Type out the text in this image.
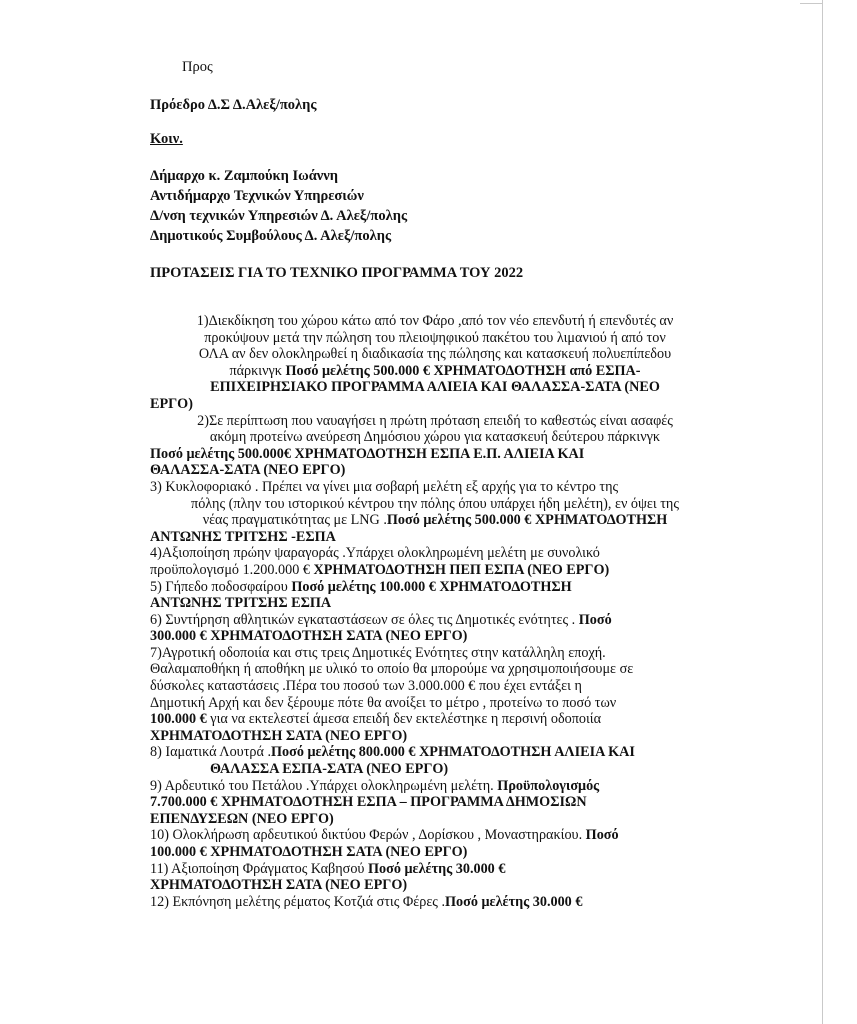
Προς
Πρόεδρο Δ.Σ Δ.Αλεξ/πολης
Κοιν.
Δήμαρχο κ. Ζαμπούκη Ιωάννη
Αντιδήμαρχο Τεχνικών Υπηρεσιών
Δ/νση τεχνικών Υπηρεσιών Δ. Αλεξ/πολης
Δημοτικούς Συμβούλους Δ. Αλεξ/πολης
ΠΡΟΤΑΣΕΙΣ ΓΙΑ ΤΟ ΤΕΧΝΙΚΟ ΠΡΟΓΡΑΜΜΑ ΤΟΥ 2022
1)Διεκδίκηση του χώρου κάτω από τον Φάρο ,από τον νέο επενδυτή ή επενδυτές αν
προκύψουν μετά την πώληση του πλειοψηφικού πακέτου του λιμανιού ή από τον
ΟΛΑ αν δεν ολοκληρωθεί η διαδικασία της πώλησης και κατασκευή πολυεπίπεδου
πάρκινγκ Ποσό μελέτης 500.000 € ΧΡΗΜΑΤΟΔΟΤΗΣΗ από ΕΣΠΑ-
ΕΠΙΧΕΙΡΗΣΙΑΚΟ ΠΡΟΓΡΑΜΜΑ ΑΛΙΕΙΑ ΚΑΙ ΘΑΛΑΣΣΑ-ΣΑΤΑ (ΝΕΟ
ΕΡΓΟ)
2)Σε περίπτωση που ναυαγήσει η πρώτη πρόταση επειδή το καθεστώς είναι ασαφές
ακόμη προτείνω ανεύρεση Δημόσιου χώρου για κατασκευή δεύτερου πάρκινγκ
Ποσό μελέτης 500.000€ ΧΡΗΜΑΤΟΔΟΤΗΣΗ ΕΣΠΑ Ε.Π. ΑΛΙΕΙΑ ΚΑΙ
ΘΑΛΑΣΣΑ-ΣΑΤΑ (ΝΕΟ ΕΡΓΟ)
3) Κυκλοφοριακό . Πρέπει να γίνει μια σοβαρή μελέτη εξ αρχής για το κέντρο της
πόλης (πλην του ιστορικού κέντρου την πόλης όπου υπάρχει ήδη μελέτη), εν όψει της
νέας πραγματικότητας με LNG .Ποσό μελέτης 500.000 € ΧΡΗΜΑΤΟΔΟΤΗΣΗ
ΑΝΤΩΝΗΣ ΤΡΙΤΣΗΣ -ΕΣΠΑ
4)Αξιοποίηση πρώην ψαραγοράς .Υπάρχει ολοκληρωμένη μελέτη με συνολικό
προϋπολογισμό 1.200.000 € ΧΡΗΜΑΤΟΔΟΤΗΣΗ ΠΕΠ ΕΣΠΑ (ΝΕΟ ΕΡΓΟ)
5) Γήπεδο ποδοσφαίρου Ποσό μελέτης 100.000 € ΧΡΗΜΑΤΟΔΟΤΗΣΗ
ΑΝΤΩΝΗΣ ΤΡΙΤΣΗΣ ΕΣΠΑ
6) Συντήρηση αθλητικών εγκαταστάσεων σε όλες τις Δημοτικές ενότητες . Ποσό
300.000 € ΧΡΗΜΑΤΟΔΟΤΗΣΗ ΣΑΤΑ (ΝΕΟ ΕΡΓΟ)
7)Αγροτική οδοποιία και στις τρεις Δημοτικές Ενότητες στην κατάλληλη εποχή.
Θαλαμαποθήκη ή αποθήκη με υλικό το οποίο θα μπορούμε να χρησιμοποιήσουμε σε
δύσκολες καταστάσεις .Πέρα του ποσού των 3.000.000 € που έχει εντάξει η
Δημοτική Αρχή και δεν ξέρουμε πότε θα ανοίξει το μέτρο , προτείνω το ποσό των
100.000 € για να εκτελεστεί άμεσα επειδή δεν εκτελέστηκε η περσινή οδοποιία
ΧΡΗΜΑΤΟΔΟΤΗΣΗ ΣΑΤΑ (ΝΕΟ ΕΡΓΟ)
8) Ιαματικά Λουτρά .Ποσό μελέτης 800.000 € ΧΡΗΜΑΤΟΔΟΤΗΣΗ ΑΛΙΕΙΑ ΚΑΙ
ΘΑΛΑΣΣΑ ΕΣΠΑ-ΣΑΤΑ (ΝΕΟ ΕΡΓΟ)
9) Αρδευτικό του Πετάλου .Υπάρχει ολοκληρωμένη μελέτη. Προϋπολογισμός
7.700.000 € ΧΡΗΜΑΤΟΔΟΤΗΣΗ ΕΣΠΑ – ΠΡΟΓΡΑΜΜΑ ΔΗΜΟΣΙΩΝ
ΕΠΕΝΔΥΣΕΩΝ (ΝΕΟ ΕΡΓΟ)
10) Ολοκλήρωση αρδευτικού δικτύου Φερών , Δορίσκου , Μοναστηρακίου. Ποσό
100.000 € ΧΡΗΜΑΤΟΔΟΤΗΣΗ ΣΑΤΑ (ΝΕΟ ΕΡΓΟ)
11) Αξιοποίηση Φράγματος Καβησού Ποσό μελέτης 30.000 €
ΧΡΗΜΑΤΟΔΟΤΗΣΗ ΣΑΤΑ (ΝΕΟ ΕΡΓΟ)
12) Εκπόνηση μελέτης ρέματος Κοτζιά στις Φέρες .Ποσό μελέτης 30.000 €
